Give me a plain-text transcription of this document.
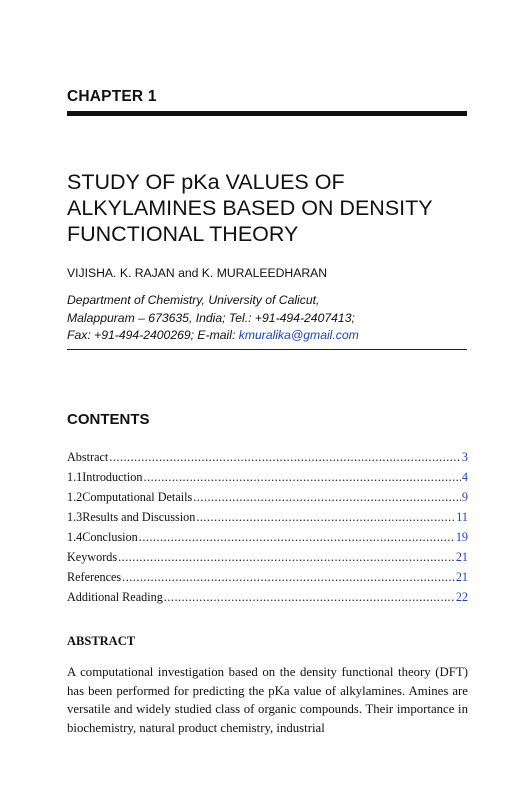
CHAPTER 1
STUDY OF pKa VALUES OF ALKYLAMINES BASED ON DENSITY FUNCTIONAL THEORY
VIJISHA. K. RAJAN and K. MURALEEDHARAN
Department of Chemistry, University of Calicut,
Malappuram – 673635, India; Tel.: +91-494-2407413;
Fax: +91-494-2400269; E-mail: kmuralika@gmail.com
CONTENTS
Abstract .....	3
1.1 Introduction .....	4
1.2 Computational Details .....	9
1.3 Results and Discussion .....	11
1.4 Conclusion .....	19
Keywords .....	21
References .....	21
Additional Reading .....	22
ABSTRACT
A computational investigation based on the density functional theory (DFT) has been performed for predicting the pKa value of alkylamines. Amines are versatile and widely studied class of organic compounds. Their importance in biochemistry, natural product chemistry, industrial
